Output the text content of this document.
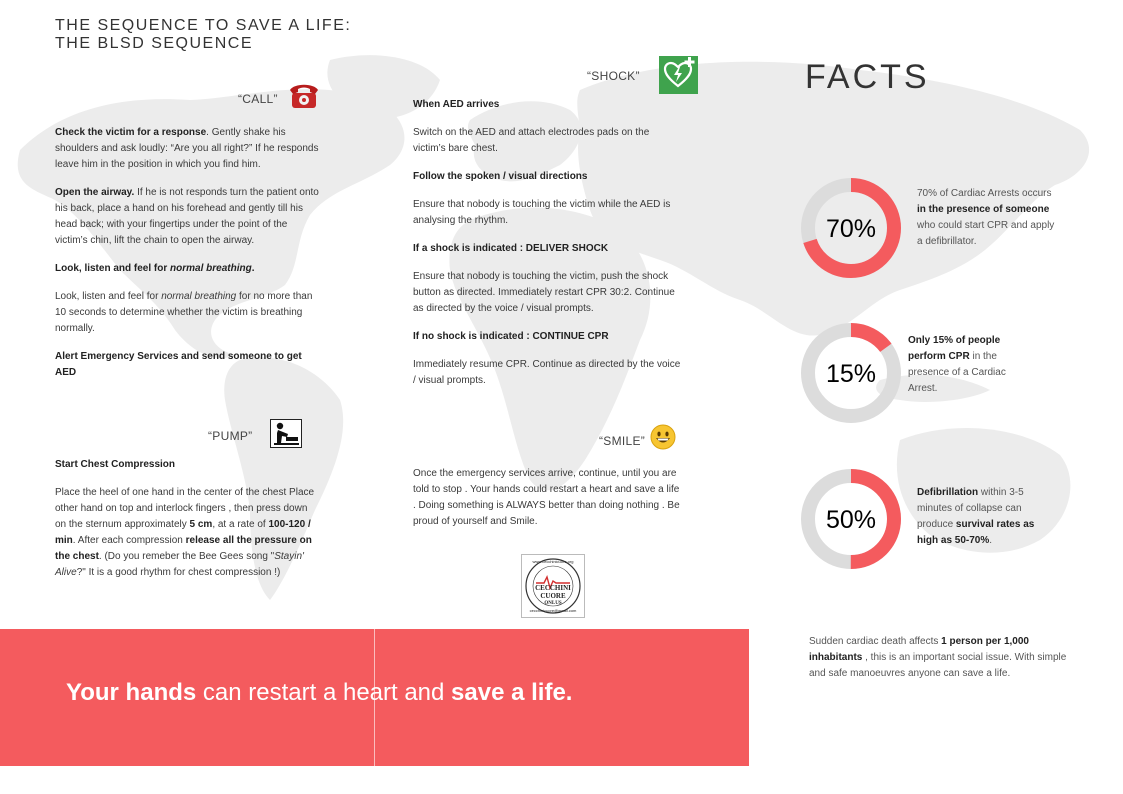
THE SEQUENCE TO SAVE A LIFE: THE BLSD SEQUENCE
“CALL”

Check the victim for a response. Gently shake his shoulders and ask loudly: “Are you all right?” If he responds leave him in the position in which you find him.

Open the airway. If he is not responds turn the patient onto his back, place a hand on his forehead and gently till his head back; with your fingertips under the point of the victim’s chin, lift the chain to open the airway.

Look, listen and feel for normal breathing.

Look, listen and feel for normal breathing for no more than 10 seconds to determine whether the victim is breathing normally.

Alert Emergency Services and send someone to get AED

“PUMP”

Start Chest Compression

Place the heel of one hand in the center of the chest Place other hand on top and interlock fingers , then press down on the sternum approximately 5 cm, at a rate of 100-120 / min. After each compression release all the pressure on the chest. (Do you remeber the Bee Gees song "Stayin' Alive?" It is a good rhythm for chest compression !)

“SHOCK”

When AED arrives

Switch on the AED and attach electrodes pads on the victim’s bare chest.

Follow the spoken / visual directions

Ensure that nobody is touching the victim while the AED is analysing the rhythm.

If a shock is indicated : DELIVER SHOCK

Ensure that nobody is touching the victim, push the shock button as directed. Immediately restart CPR 30:2. Continue as directed by the voice / visual prompts.

If no shock is indicated : CONTINUE CPR

Immediately resume CPR. Continue as directed by the voice / visual prompts.

“SMILE”

Once the emergency services arrive, continue, until you are told to stop . Your hands could restart a heart and save a life . Doing something is ALWAYS better than doing nothing . Be proud of yourself and Smile.

CECCHINI CUORE
ONLUS
www.cecchinicuore.org
cecchinicuore@gmail.com
FACTS
70%
70% of Cardiac Arrests occurs in the presence of someone who could start CPR and apply a defibrillator.
15%
Only 15% of people perform CPR in the presence of a Cardiac Arrest.
50%
Defibrillation within 3-5 minutes of collapse can produce survival rates as high as 50-70%.
Sudden cardiac death affects 1 person per 1,000 inhabitants , this is an important social issue. With simple and safe manoeuvres anyone can save a life.
Your hands can restart a heart and save a life.
